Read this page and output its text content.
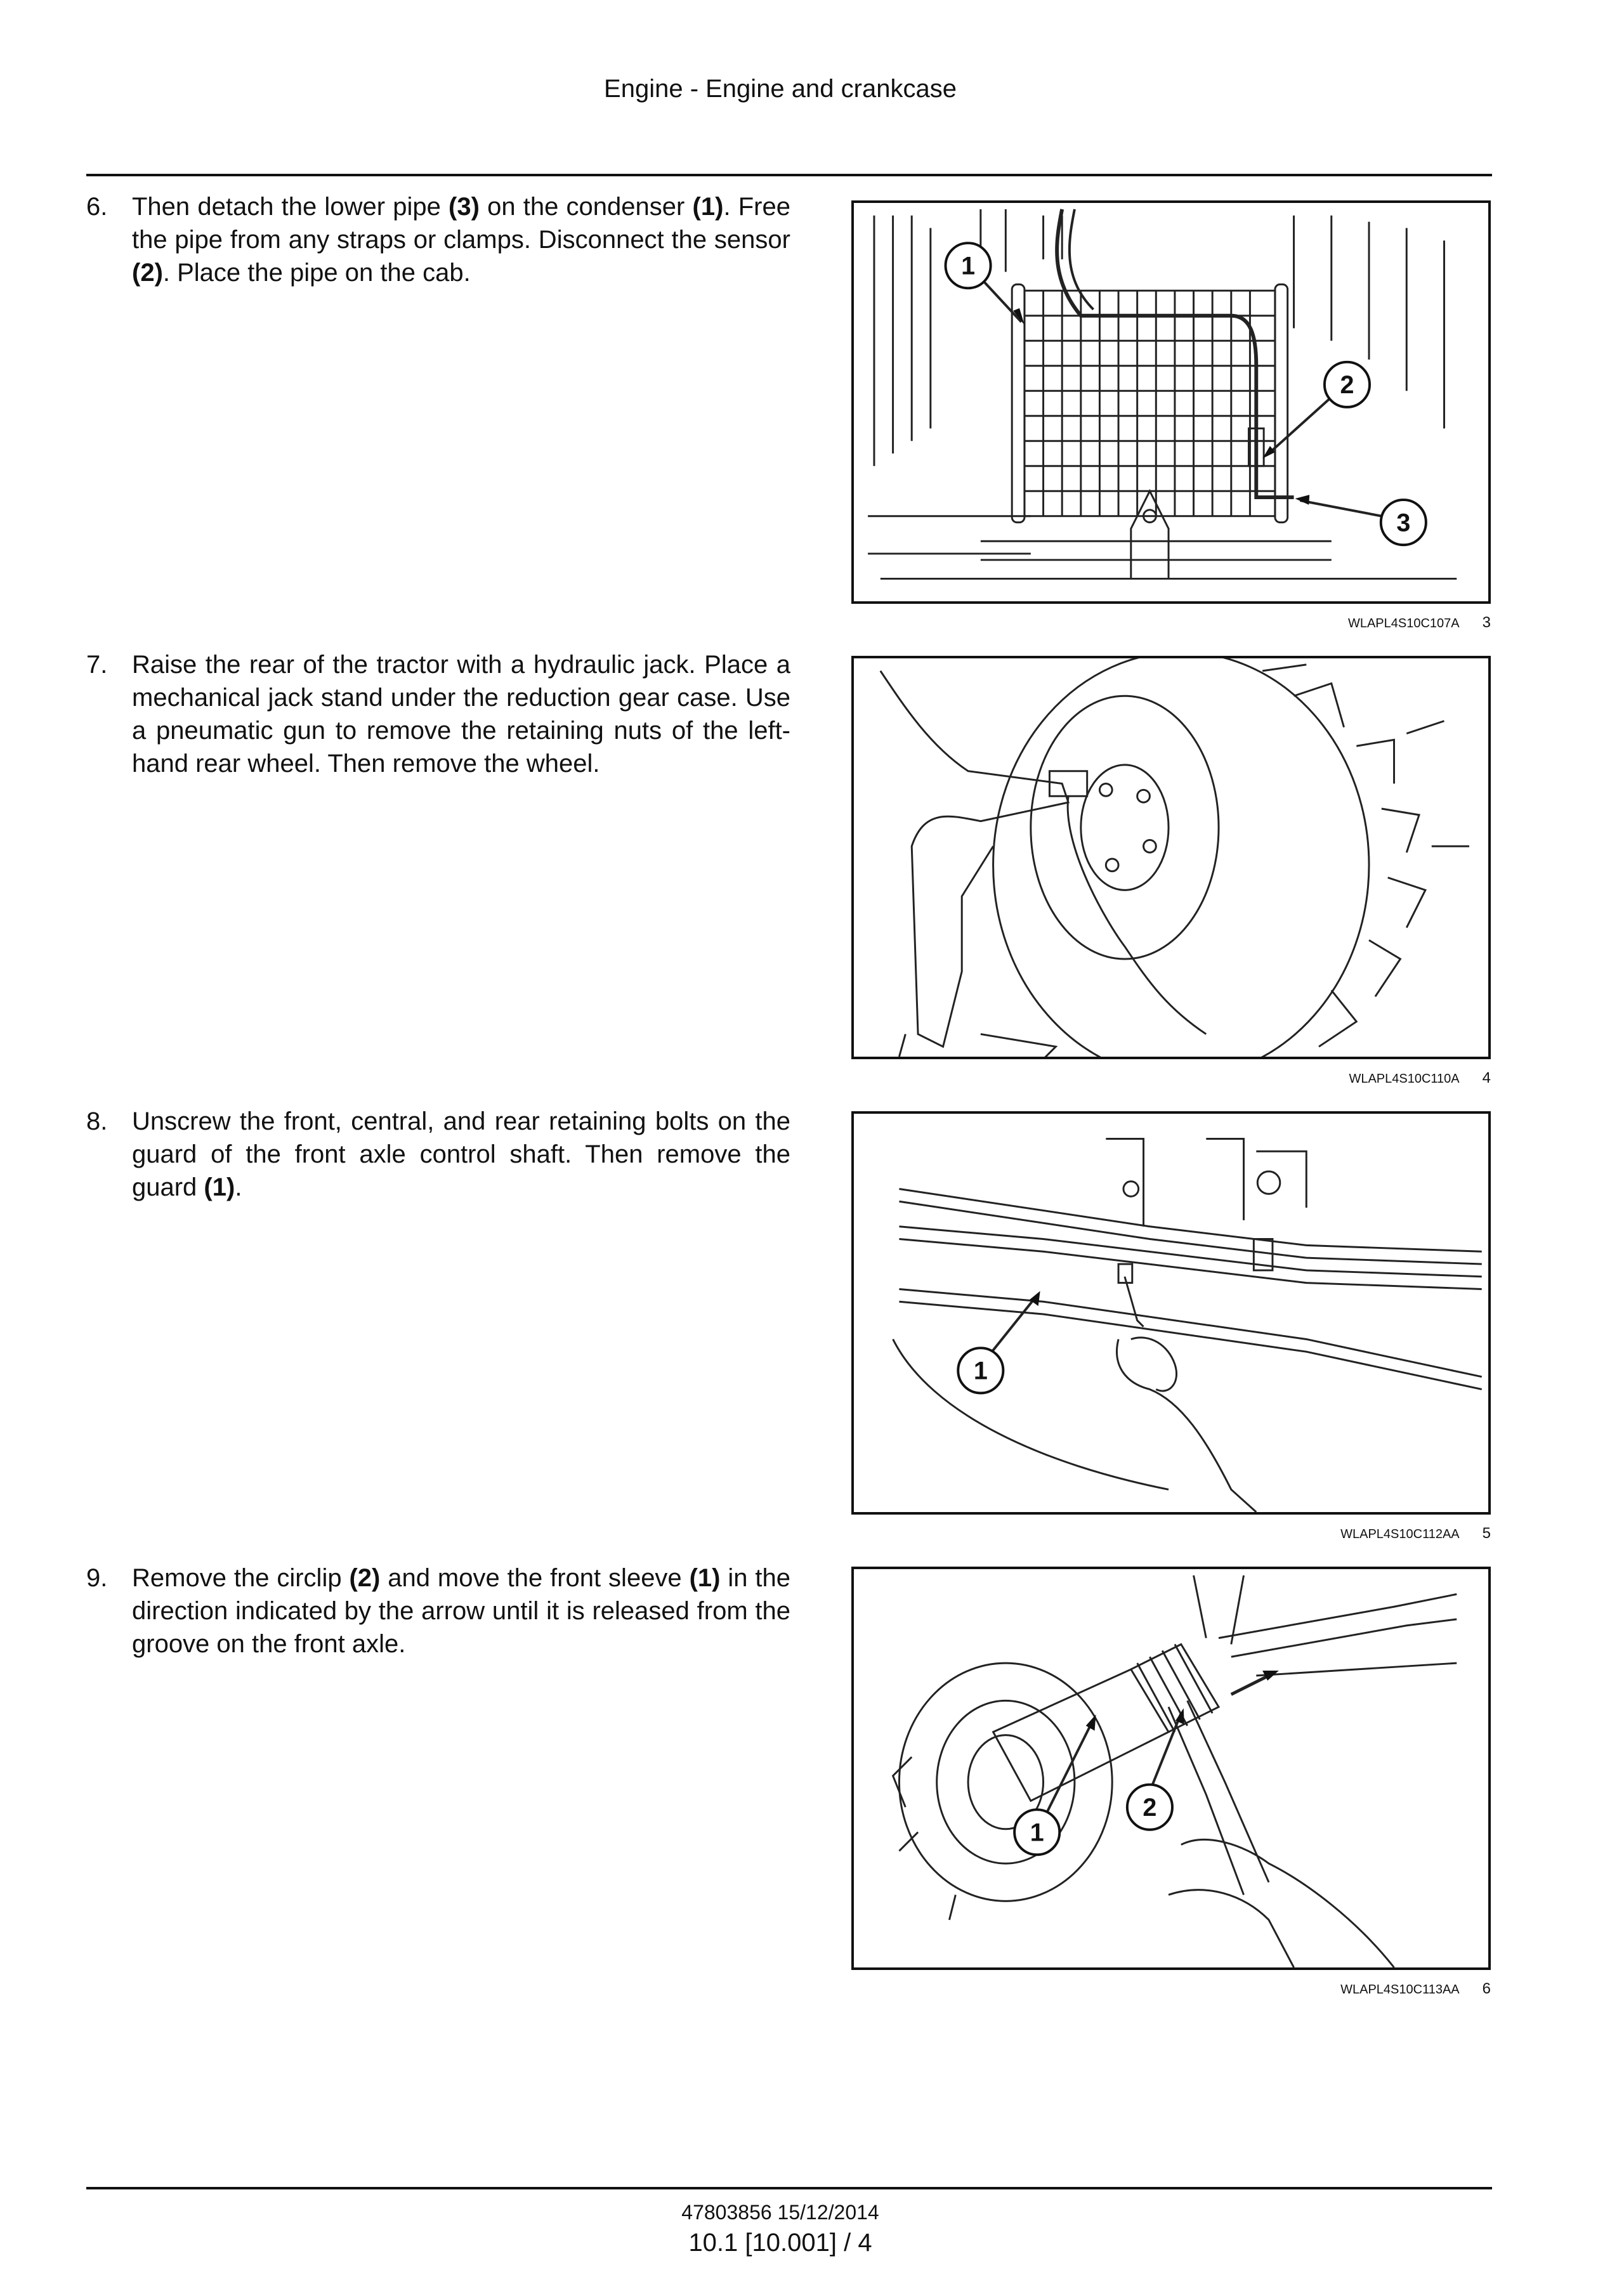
Engine - Engine and crankcase
6. Then detach the lower pipe (3) on the condenser (1). Free the pipe from any straps or clamps. Disconnect the sensor (2). Place the pipe on the cab.	1
2
3
WLAPL4S10C107A 3
7. Raise the rear of the tractor with a hydraulic jack. Place a mechanical jack stand under the reduction gear case. Use a pneumatic gun to remove the retaining nuts of the left-hand rear wheel. Then remove the wheel.
WLAPL4S10C110A 4
8. Unscrew the front, central, and rear retaining bolts on the guard of the front axle control shaft. Then remove the guard (1).
1
WLAPL4S10C112AA 5
9. Remove the circlip (2) and move the front sleeve (1) in the direction indicated by the arrow until it is released from the groove on the front axle.
1
2
WLAPL4S10C113AA 6
47803856 15/12/2014
10.1 [10.001] / 4
